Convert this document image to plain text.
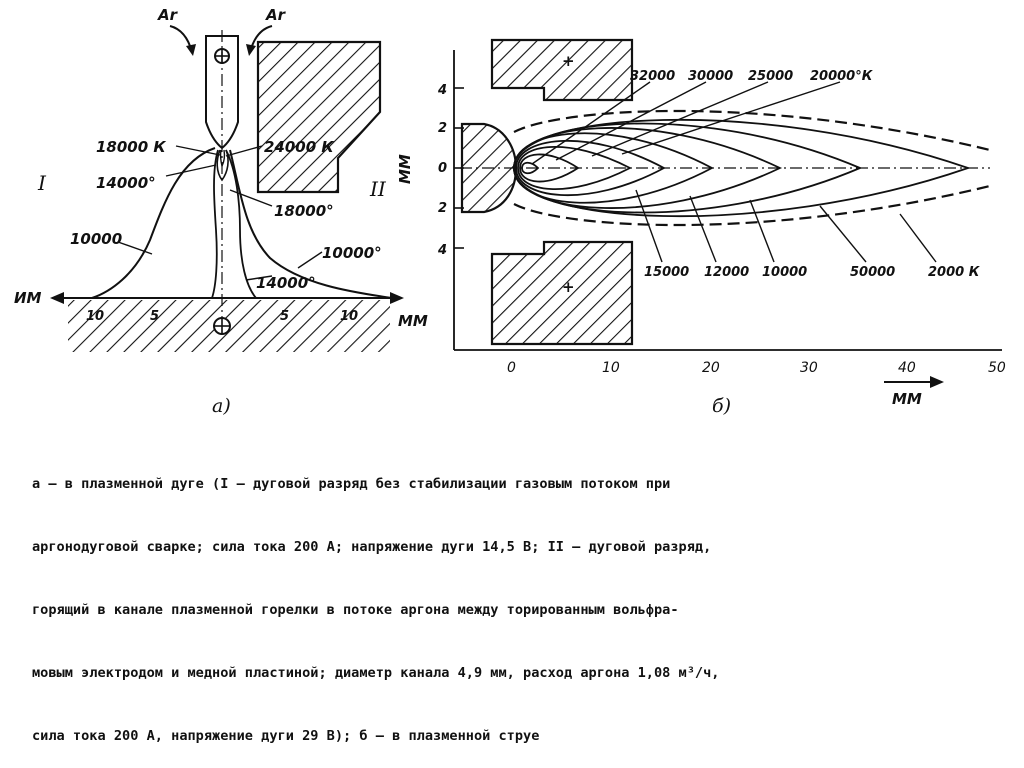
Ar	Ar
18000 К	24000 К
14000°
18000°
10000
10000°
14000°
I
ИМ
ММ
10	5	5	10
а)
II
ММ
4
2
0
2
4
0	10	20	30	40	50
ММ
+
+
32000 30000 25000 20000°К
15000 12000 10000	50000	2000 К
б)

а — в плазменной дуге (I — дуговой разряд без стабилизации газовым потоком при

аргонодуговой сварке; сила тока 200 А; напряжение дуги 14,5 В; II — дуговой разряд,

горящий в канале плазменной горелки в потоке аргона между торированным вольфра-

мовым электродом и медной пластиной; диаметр канала 4,9 мм, расход аргона 1,08 м³/ч,

сила тока 200 А, напряжение дуги 29 В); б — в плазменной струе
